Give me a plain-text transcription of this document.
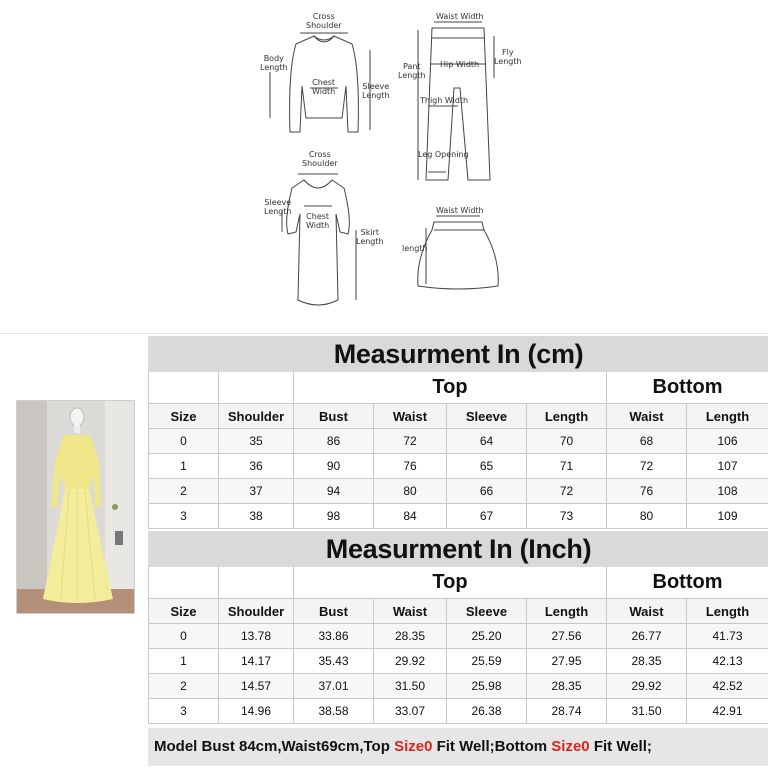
Cross
Shoulder
Body
Length
Chest
Width
Sleeve
Length
Waist Width
Pant
Length
Hip Width
Fly
Length
Thigh Width
Leg Opening
Cross
Shoulder
Sleeve
Length
Chest
Width
Skirt
Length
Waist Width
length
Measurment In (cm)							
		Top				Bottom	
Size	Shoulder	Bust	Waist	Sleeve	Length	Waist	Length
0	35	86	72	64	70	68	106
1	36	90	76	65	71	72	107
2	37	94	80	66	72	76	108
3	38	98	84	67	73	80	109
Measurment In (Inch)							
		Top				Bottom	
Size	Shoulder	Bust	Waist	Sleeve	Length	Waist	Length
0	13.78	33.86	28.35	25.20	27.56	26.77	41.73
1	14.17	35.43	29.92	25.59	27.95	28.35	42.13
2	14.57	37.01	31.50	25.98	28.35	29.92	42.52
3	14.96	38.58	33.07	26.38	28.74	31.50	42.91
Model Bust 84cm,Waist69cm,Top Size0 Fit Well;Bottom Size0 Fit Well;
